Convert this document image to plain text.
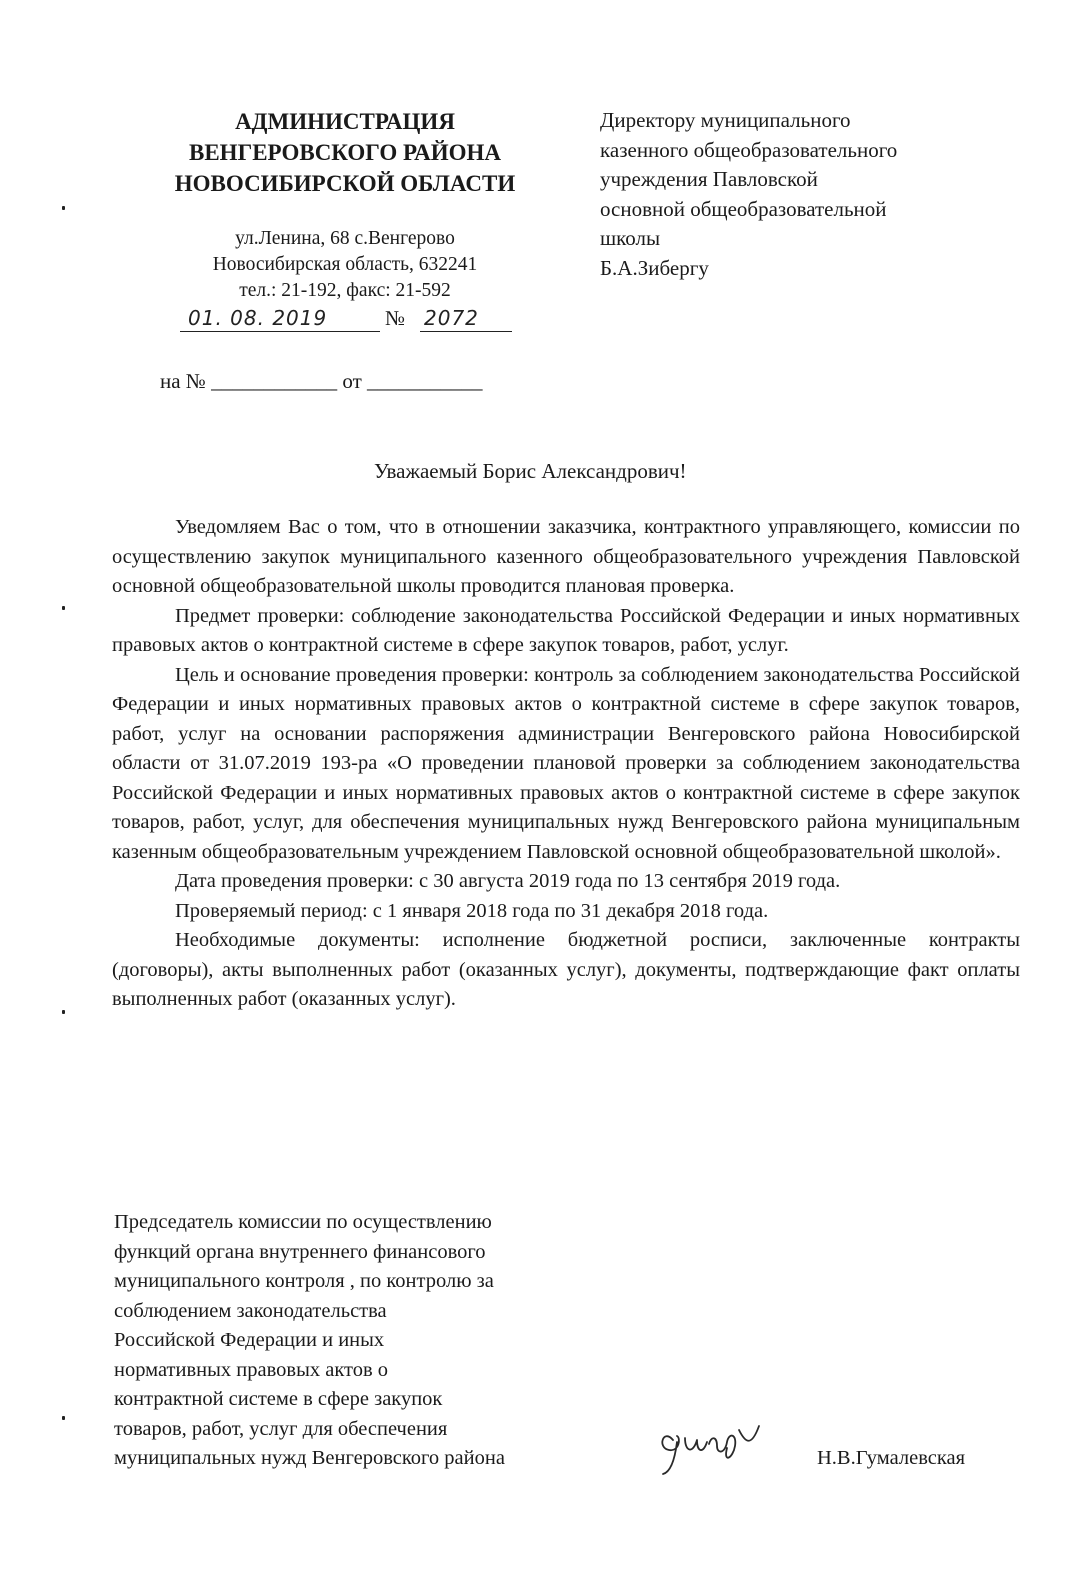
АДМИНИСТРАЦИЯ
ВЕНГЕРОВСКОГО РАЙОНА
НОВОСИБИРСКОЙ ОБЛАСТИ
ул.Ленина, 68 с.Венгерово
Новосибирская область, 632241
тел.: 21-192, факс: 21-592
01. 08. 2019	№ 2072
на № ____________ от ___________
Директору муниципального
казенного общеобразовательного
учреждения Павловской
основной общеобразовательной
школы
Б.А.Зибергу
Уважаемый Борис Александрович!

Уведомляем Вас о том, что в отношении заказчика, контрактного управляющего, комиссии по осуществлению закупок муниципального казенного общеобразовательного учреждения Павловской основной общеобразовательной школы проводится плановая проверка.

Предмет проверки: соблюдение законодательства Российской Федерации и иных нормативных правовых актов о контрактной системе в сфере закупок товаров, работ, услуг.

Цель и основание проведения проверки: контроль за соблюдением законодательства Российской Федерации и иных нормативных правовых актов о контрактной системе в сфере закупок товаров, работ, услуг на основании распоряжения администрации Венгеровского района Новосибирской области от 31.07.2019 193-ра «О проведении плановой проверки за соблюдением законодательства Российской Федерации и иных нормативных правовых актов о контрактной системе в сфере закупок товаров, работ, услуг, для обеспечения муниципальных нужд Венгеровского района муниципальным казенным общеобразовательным учреждением Павловской основной общеобразовательной школой».

Дата проведения проверки: с 30 августа 2019 года по 13 сентября 2019 года.

Проверяемый период: с 1 января 2018 года по 31 декабря 2018 года.

Необходимые документы: исполнение бюджетной росписи, заключенные контракты (договоры), акты выполненных работ (оказанных услуг), документы, подтверждающие факт оплаты выполненных работ (оказанных услуг).

Председатель комиссии по осуществлению
функций органа внутреннего финансового
муниципального контроля , по контролю за
соблюдением законодательства
Российской Федерации и иных
нормативных правовых актов о
контрактной системе в сфере закупок
товаров, работ, услуг для обеспечения
муниципальных нужд Венгеровского района	Н.В.Гумалевская
